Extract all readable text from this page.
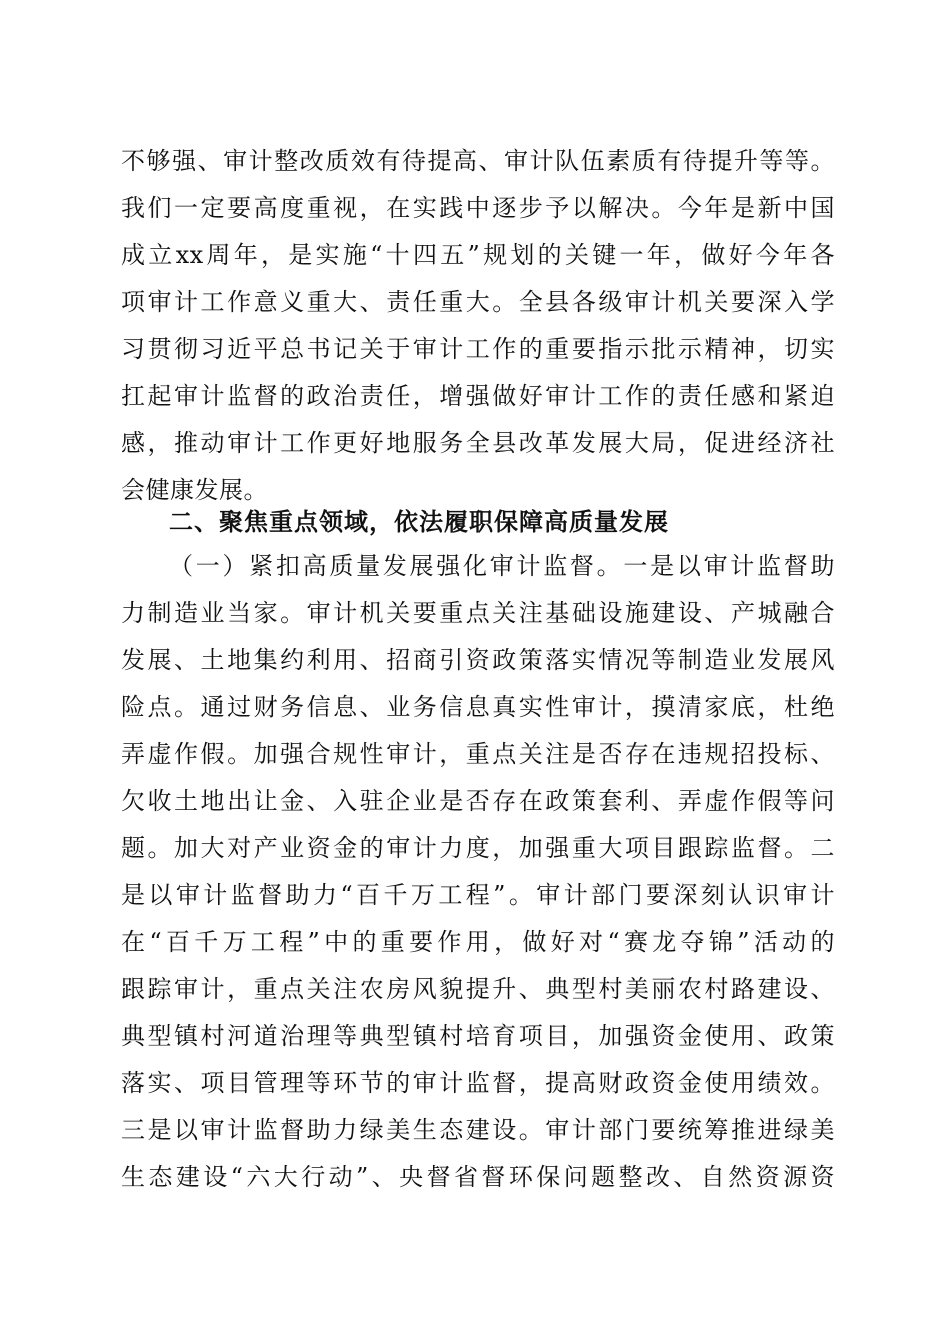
不够强、审计整改质效有待提高、审计队伍素质有待提升等等。
我们一定要高度重视，在实践中逐步予以解决。今年是新中国
成立xx周年，是实施“十四五”规划的关键一年，做好今年各
项审计工作意义重大、责任重大。全县各级审计机关要深入学
习贯彻习近平总书记关于审计工作的重要指示批示精神，切实
扛起审计监督的政治责任，增强做好审计工作的责任感和紧迫
感，推动审计工作更好地服务全县改革发展大局，促进经济社
会健康发展。
二、聚焦重点领域，依法履职保障高质量发展
（一）紧扣高质量发展强化审计监督。一是以审计监督助
力制造业当家。审计机关要重点关注基础设施建设、产城融合
发展、土地集约利用、招商引资政策落实情况等制造业发展风
险点。通过财务信息、业务信息真实性审计，摸清家底，杜绝
弄虚作假。加强合规性审计，重点关注是否存在违规招投标、
欠收土地出让金、入驻企业是否存在政策套利、弄虚作假等问
题。加大对产业资金的审计力度，加强重大项目跟踪监督。二
是以审计监督助力“百千万工程”。审计部门要深刻认识审计
在“百千万工程”中的重要作用，做好对“赛龙夺锦”活动的
跟踪审计，重点关注农房风貌提升、典型村美丽农村路建设、
典型镇村河道治理等典型镇村培育项目，加强资金使用、政策
落实、项目管理等环节的审计监督，提高财政资金使用绩效。
三是以审计监督助力绿美生态建设。审计部门要统筹推进绿美
生态建设“六大行动”、央督省督环保问题整改、自然资源资
